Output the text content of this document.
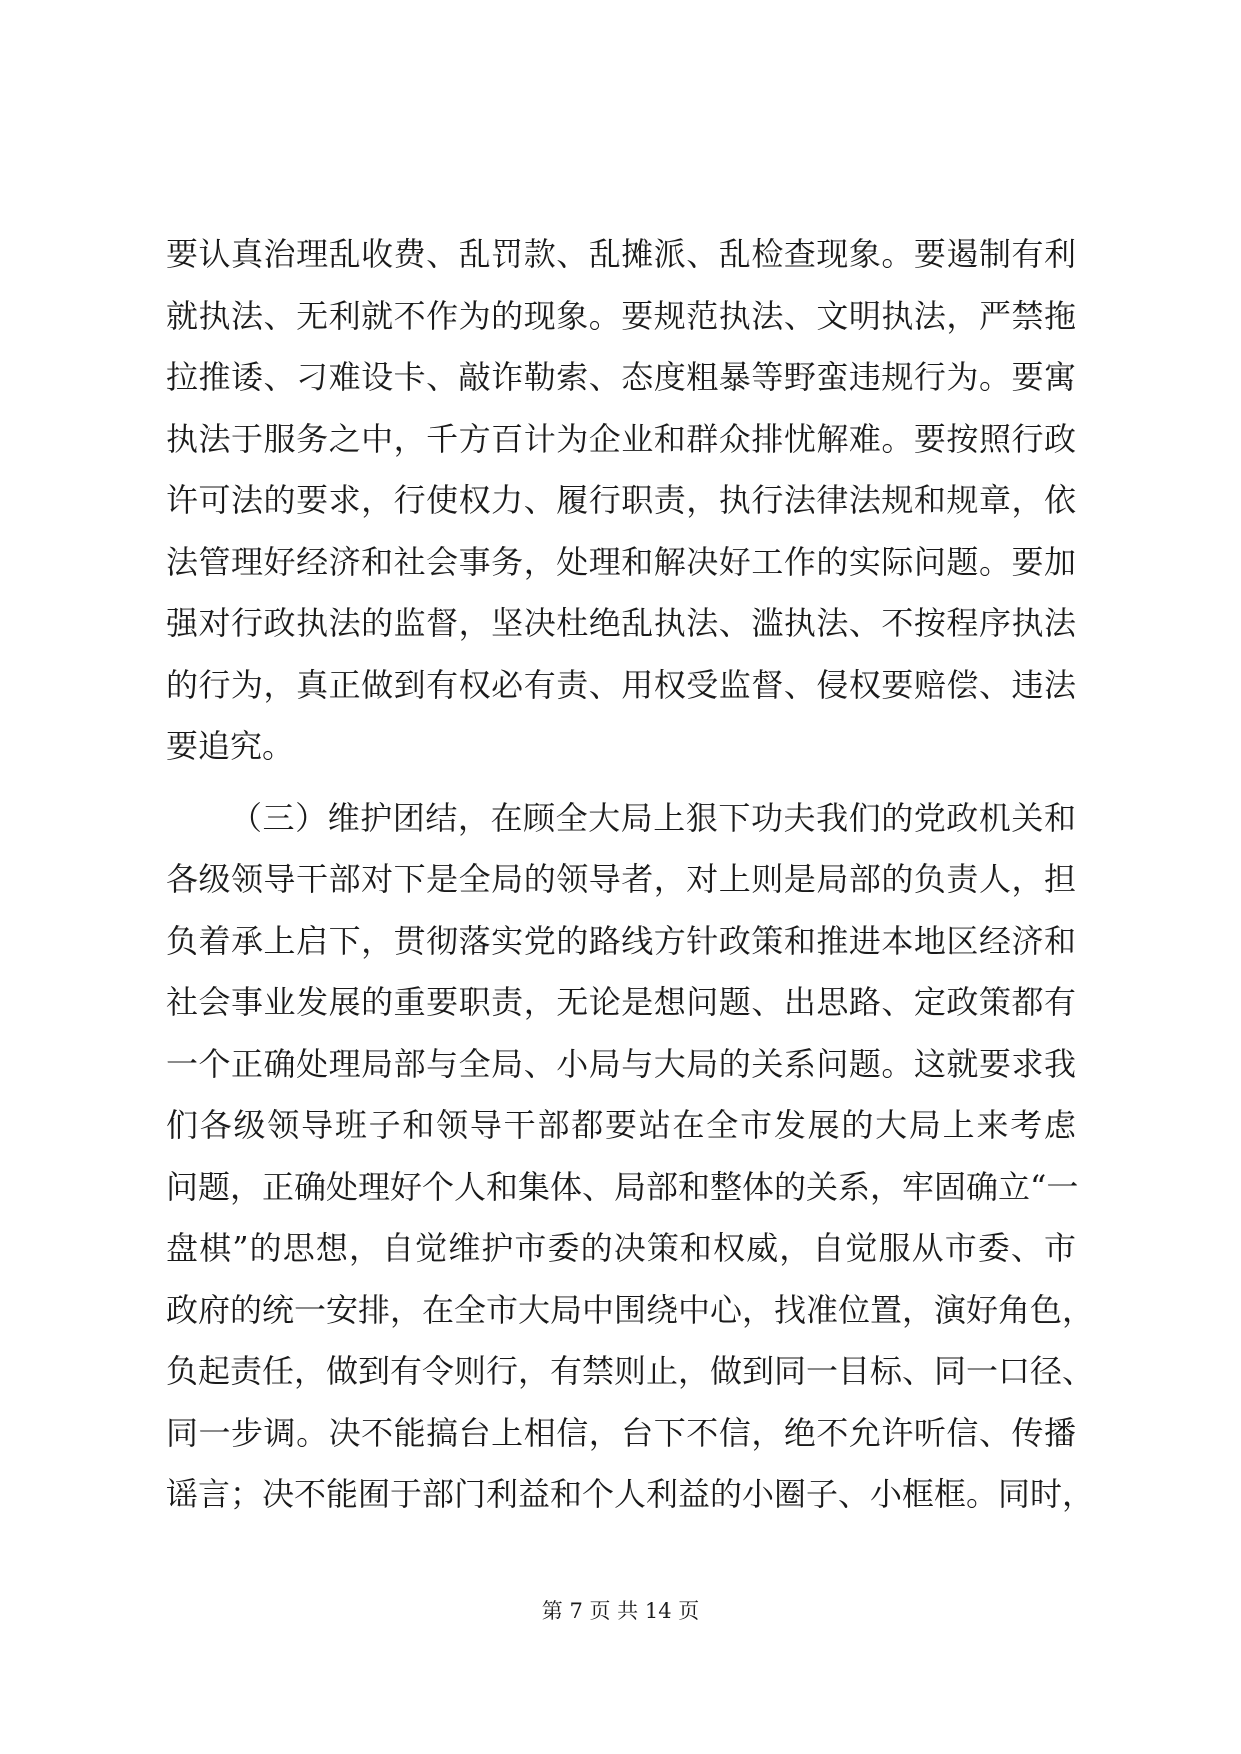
要认真治理乱收费、乱罚款、乱摊派、乱检查现象。要遏制有利
就执法、无利就不作为的现象。要规范执法、文明执法，严禁拖
拉推诿、刁难设卡、敲诈勒索、态度粗暴等野蛮违规行为。要寓
执法于服务之中，千方百计为企业和群众排忧解难。要按照行政
许可法的要求，行使权力、履行职责，执行法律法规和规章，依
法管理好经济和社会事务，处理和解决好工作的实际问题。要加
强对行政执法的监督，坚决杜绝乱执法、滥执法、不按程序执法
的行为，真正做到有权必有责、用权受监督、侵权要赔偿、违法
要追究。
（三）维护团结，在顾全大局上狠下功夫我们的党政机关和
各级领导干部对下是全局的领导者，对上则是局部的负责人，担
负着承上启下，贯彻落实党的路线方针政策和推进本地区经济和
社会事业发展的重要职责，无论是想问题、出思路、定政策都有
一个正确处理局部与全局、小局与大局的关系问题。这就要求我
们各级领导班子和领导干部都要站在全市发展的大局上来考虑
问题，正确处理好个人和集体、局部和整体的关系，牢固确立“一
盘棋”的思想，自觉维护市委的决策和权威，自觉服从市委、市
政府的统一安排，在全市大局中围绕中心，找准位置，演好角色，
负起责任，做到有令则行，有禁则止，做到同一目标、同一口径、
同一步调。决不能搞台上相信，台下不信，绝不允许听信、传播
谣言；决不能囿于部门利益和个人利益的小圈子、小框框。同时，
第 7 页 共 14 页
